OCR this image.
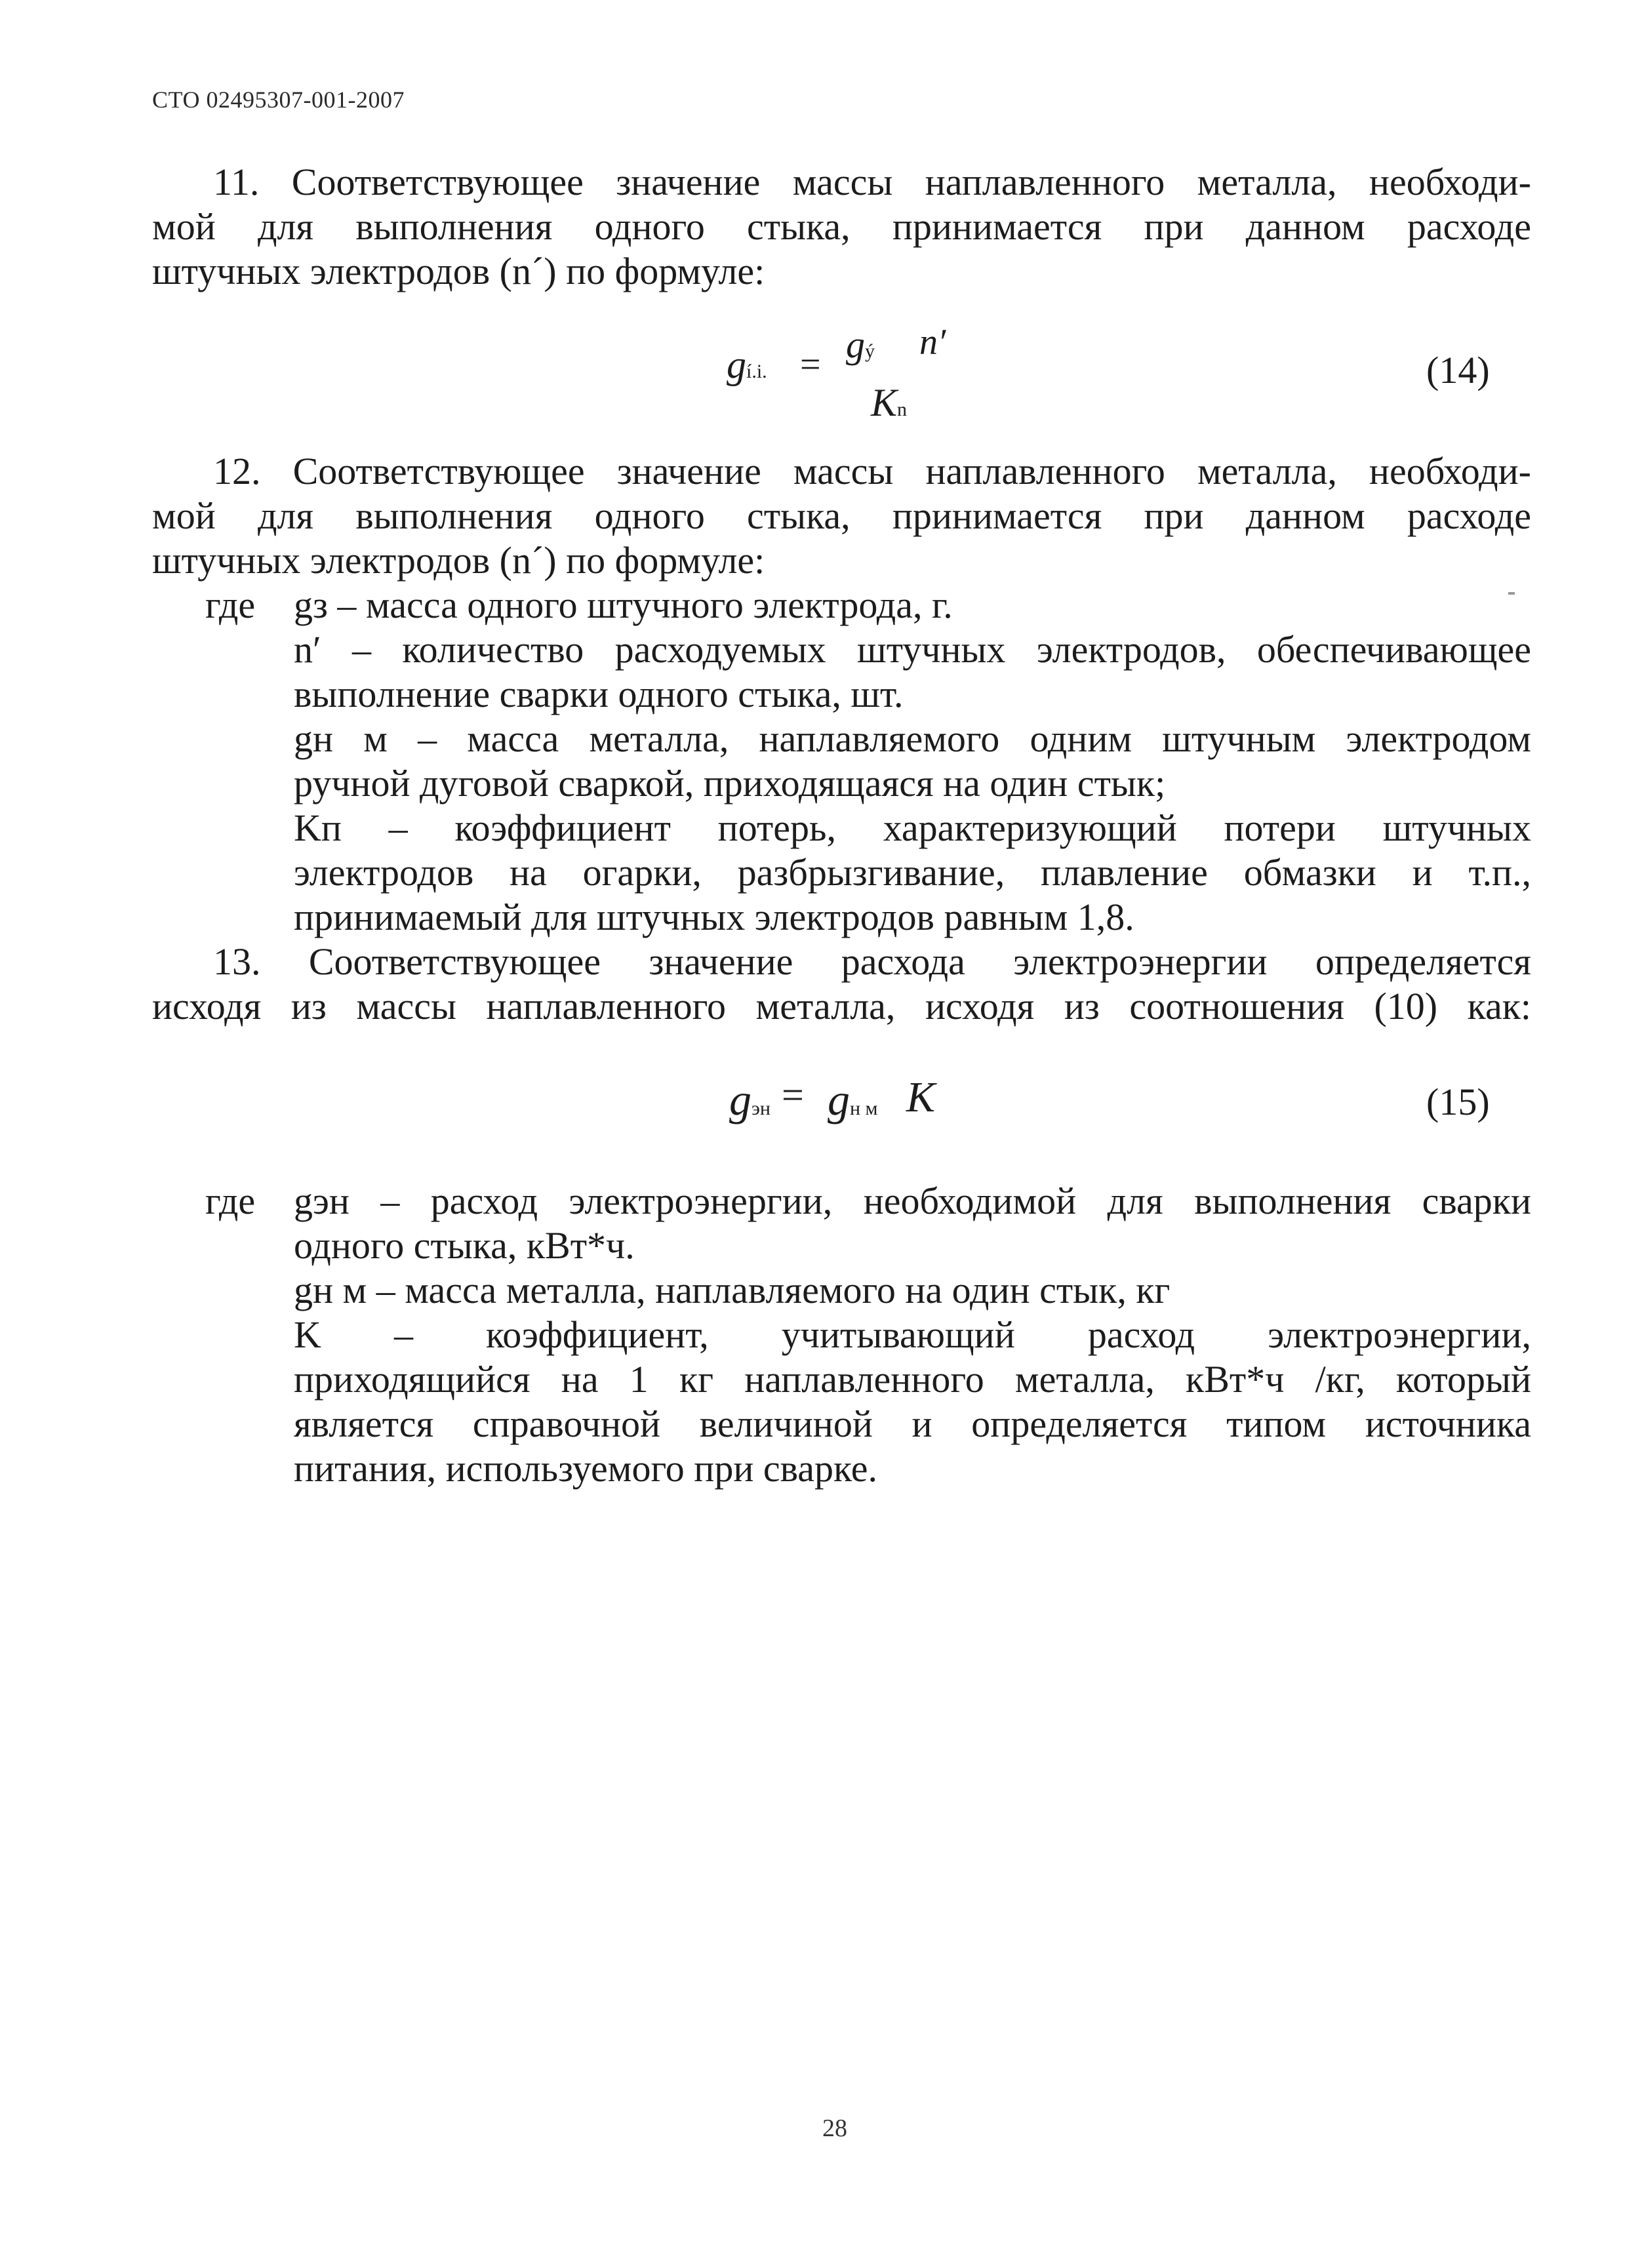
СТО 02495307-001-2007
11. Соответствующее значение массы наплавленного металла, необходи-
мой для выполнения одного стыка, принимается при данном расходе
штучных электродов (n´) по формуле:
gí.i. = gý n′
Kn
(14)
12. Соответствующее значение массы наплавленного металла, необходи-
мой для выполнения одного стыка, принимается при данном расходе
штучных электродов (n´) по формуле:
где gз – масса одного штучного электрода, г.
n′ – количество расходуемых штучных электродов, обеспечивающее
выполнение сварки одного стыка, шт.
gн м – масса металла, наплавляемого одним штучным электродом
ручной дуговой сваркой, приходящаяся на один стык;
Kп – коэффициент потерь, характеризующий потери штучных
электродов на огарки, разбрызгивание, плавление обмазки и т.п.,
принимаемый для штучных электродов равным 1,8.
13. Соответствующее значение расхода электроэнергии определяется
исходя из массы наплавленного металла, исходя из соотношения (10) как:
gэн = gн м K	(15)
где gэн – расход электроэнергии, необходимой для выполнения сварки
одного стыка, кВт*ч.
gн м – масса металла, наплавляемого на один стык, кг
K – коэффициент, учитывающий расход электроэнергии,
приходящийся на 1 кг наплавленного металла, кВт*ч /кг, который
является справочной величиной и определяется типом источника
питания, используемого при сварке.
28
